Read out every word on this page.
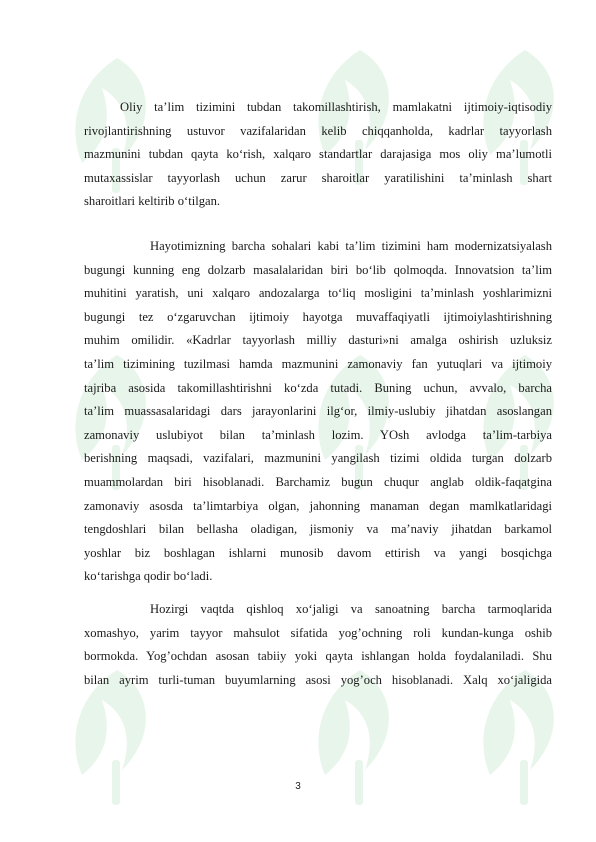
Oliy ta’lim tizimini tubdan takomillashtirish, mamlakatni ijtimoiy-iqtisodiy
rivojlantirishning ustuvor vazifalaridan kelib chiqqanholda, kadrlar tayyorlash
mazmunini tubdan qayta ko‘rish, xalqaro standartlar darajasiga mos oliy ma’lumotli
mutaxassislar tayyorlash uchun zarur sharoitlar yaratilishini ta’minlash shart
sharoitlari keltirib o‘tilgan.

Hayotimizning barcha sohalari kabi ta’lim tizimini ham modernizatsiyalash
bugungi kunning eng dolzarb masalalaridan biri bo‘lib qolmoqda. Innovatsion ta’lim
muhitini yaratish, uni xalqaro andozalarga to‘liq mosligini ta’minlash yoshlarimizni
bugungi tez o‘zgaruvchan ijtimoiy hayotga muvaffaqiyatli ijtimoiylashtirishning
muhim omilidir. «Kadrlar tayyorlash milliy dasturi»ni amalga oshirish uzluksiz
ta’lim tizimining tuzilmasi hamda mazmunini zamonaviy fan yutuqlari va ijtimoiy
tajriba asosida takomillashtirishni ko‘zda tutadi. Buning uchun, avvalo, barcha
ta’lim muassasalaridagi dars jarayonlarini ilg‘or, ilmiy-uslubiy jihatdan asoslangan
zamonaviy uslubiyot bilan ta’minlash lozim. YOsh avlodga ta’lim-tarbiya
berishning maqsadi, vazifalari, mazmunini yangilash tizimi oldida turgan dolzarb
muammolardan biri hisoblanadi. Barchamiz bugun chuqur anglab oldik-faqatgina
zamonaviy asosda ta’limtarbiya olgan, jahonning manaman degan mamlkatlaridagi
tengdoshlari bilan bellasha oladigan, jismoniy va ma’naviy jihatdan barkamol
yoshlar biz boshlagan ishlarni munosib davom ettirish va yangi bosqichga
ko‘tarishga qodir bo‘ladi.

Hozirgi vaqtda qishloq xo‘jaligi va sanoatning barcha tarmoqlarida
xomashyo, yarim tayyor mahsulot sifatida yog’ochning roli kundan-kunga oshib
bormokda. Yog’ochdan asosan tabiiy yoki qayta ishlangan holda foydalaniladi. Shu
bilan ayrim turli-tuman buyumlarning asosi yog’och hisoblanadi. Xalq xo‘jaligida

3
